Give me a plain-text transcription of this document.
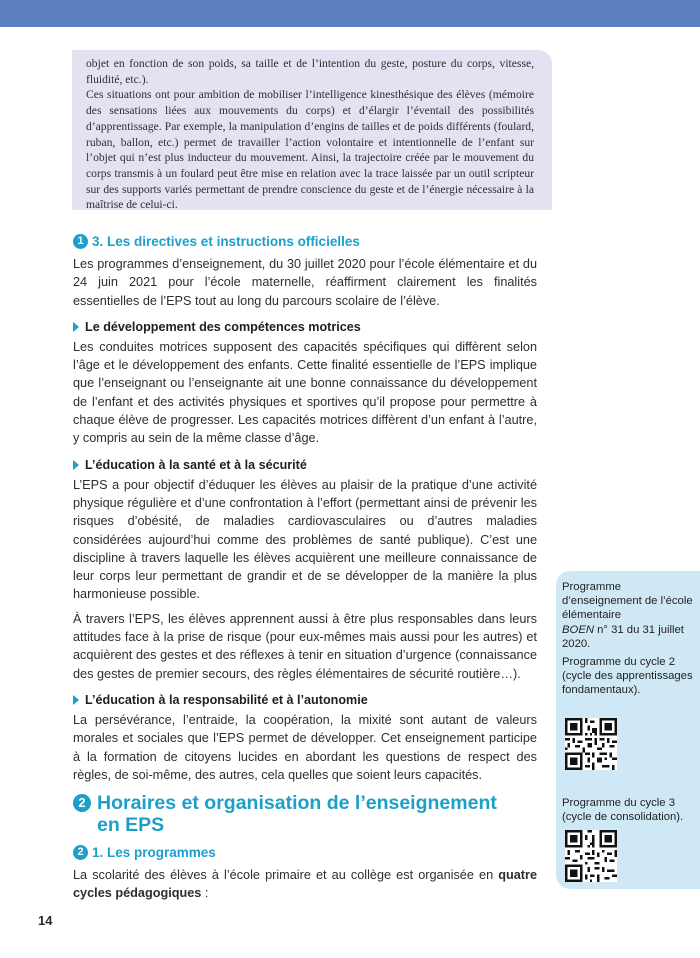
objet en fonction de son poids, sa taille et de l’intention du geste, posture du corps, vitesse, fluidité, etc.).

Ces situations ont pour ambition de mobiliser l’intelligence kinesthésique des élèves (mémoire des sensations liées aux mouvements du corps) et d’élargir l’éventail des possibilités d’apprentissage. Par exemple, la manipulation d’engins de tailles et de poids différents (foulard, ruban, ballon, etc.) permet de travailler l’action volontaire et intentionnelle de l’enfant sur l’objet qui n’est plus inducteur du mouvement. Ainsi, la trajectoire créée par le mouvement du corps transmis à un foulard peut être mise en relation avec la trace laissée par un outil scripteur sur des supports variés permettant de prendre conscience du geste et de l’énergie nécessaire à la maîtrise de celui-ci.

1 3. Les directives et instructions officielles

Les programmes d’enseignement, du 30 juillet 2020 pour l’école élémentaire et du 24 juin 2021 pour l’école maternelle, réaffirment clairement les finalités essentielles de l’EPS tout au long du parcours scolaire de l’élève.

Le développement des compétences motrices

Les conduites motrices supposent des capacités spécifiques qui diffèrent selon l’âge et le développement des enfants. Cette finalité essentielle de l’EPS implique que l’enseignant ou l’enseignante ait une bonne connaissance du développement de l’enfant et des activités physiques et sportives qu’il propose pour permettre à chaque élève de progresser. Les capacités motrices diffèrent d’un enfant à l’autre, y compris au sein de la même classe d’âge.

L’éducation à la santé et à la sécurité

L’EPS a pour objectif d’éduquer les élèves au plaisir de la pratique d’une activité physique régulière et d’une confrontation à l’effort (permettant ainsi de prévenir les risques d’obésité, de maladies cardiovasculaires ou d’autres maladies considérées aujourd’hui comme des problèmes de santé publique). C’est une discipline à travers laquelle les élèves acquièrent une meilleure connaissance de leur corps leur permettant de grandir et de se développer de la manière la plus harmonieuse possible.

À travers l’EPS, les élèves apprennent aussi à être plus responsables dans leurs attitudes face à la prise de risque (pour eux-mêmes mais aussi pour les autres) et acquièrent des gestes et des réflexes à tenir en situation d’urgence (connaissance des gestes de premier secours, des règles élémentaires de sécurité routière…).

L’éducation à la responsabilité et à l’autonomie

La persévérance, l’entraide, la coopération, la mixité sont autant de valeurs morales et sociales que l’EPS permet de développer. Cet enseignement participe à la formation de citoyens lucides en abordant les questions de respect des règles, de soi-même, des autres, cela quelles que soient leurs capacités.

2 Horaires et organisation de l’enseignement
en EPS
2 1. Les programmes

La scolarité des élèves à l’école primaire et au collège est organisée en quatre cycles pédagogiques :

14
Programme d’enseignement de l’école élémentaire
BOEN n° 31 du 31 juillet 2020.
Programme du cycle 2 (cycle des apprentissages fondamentaux).
Programme du cycle 3 (cycle de consolidation).
